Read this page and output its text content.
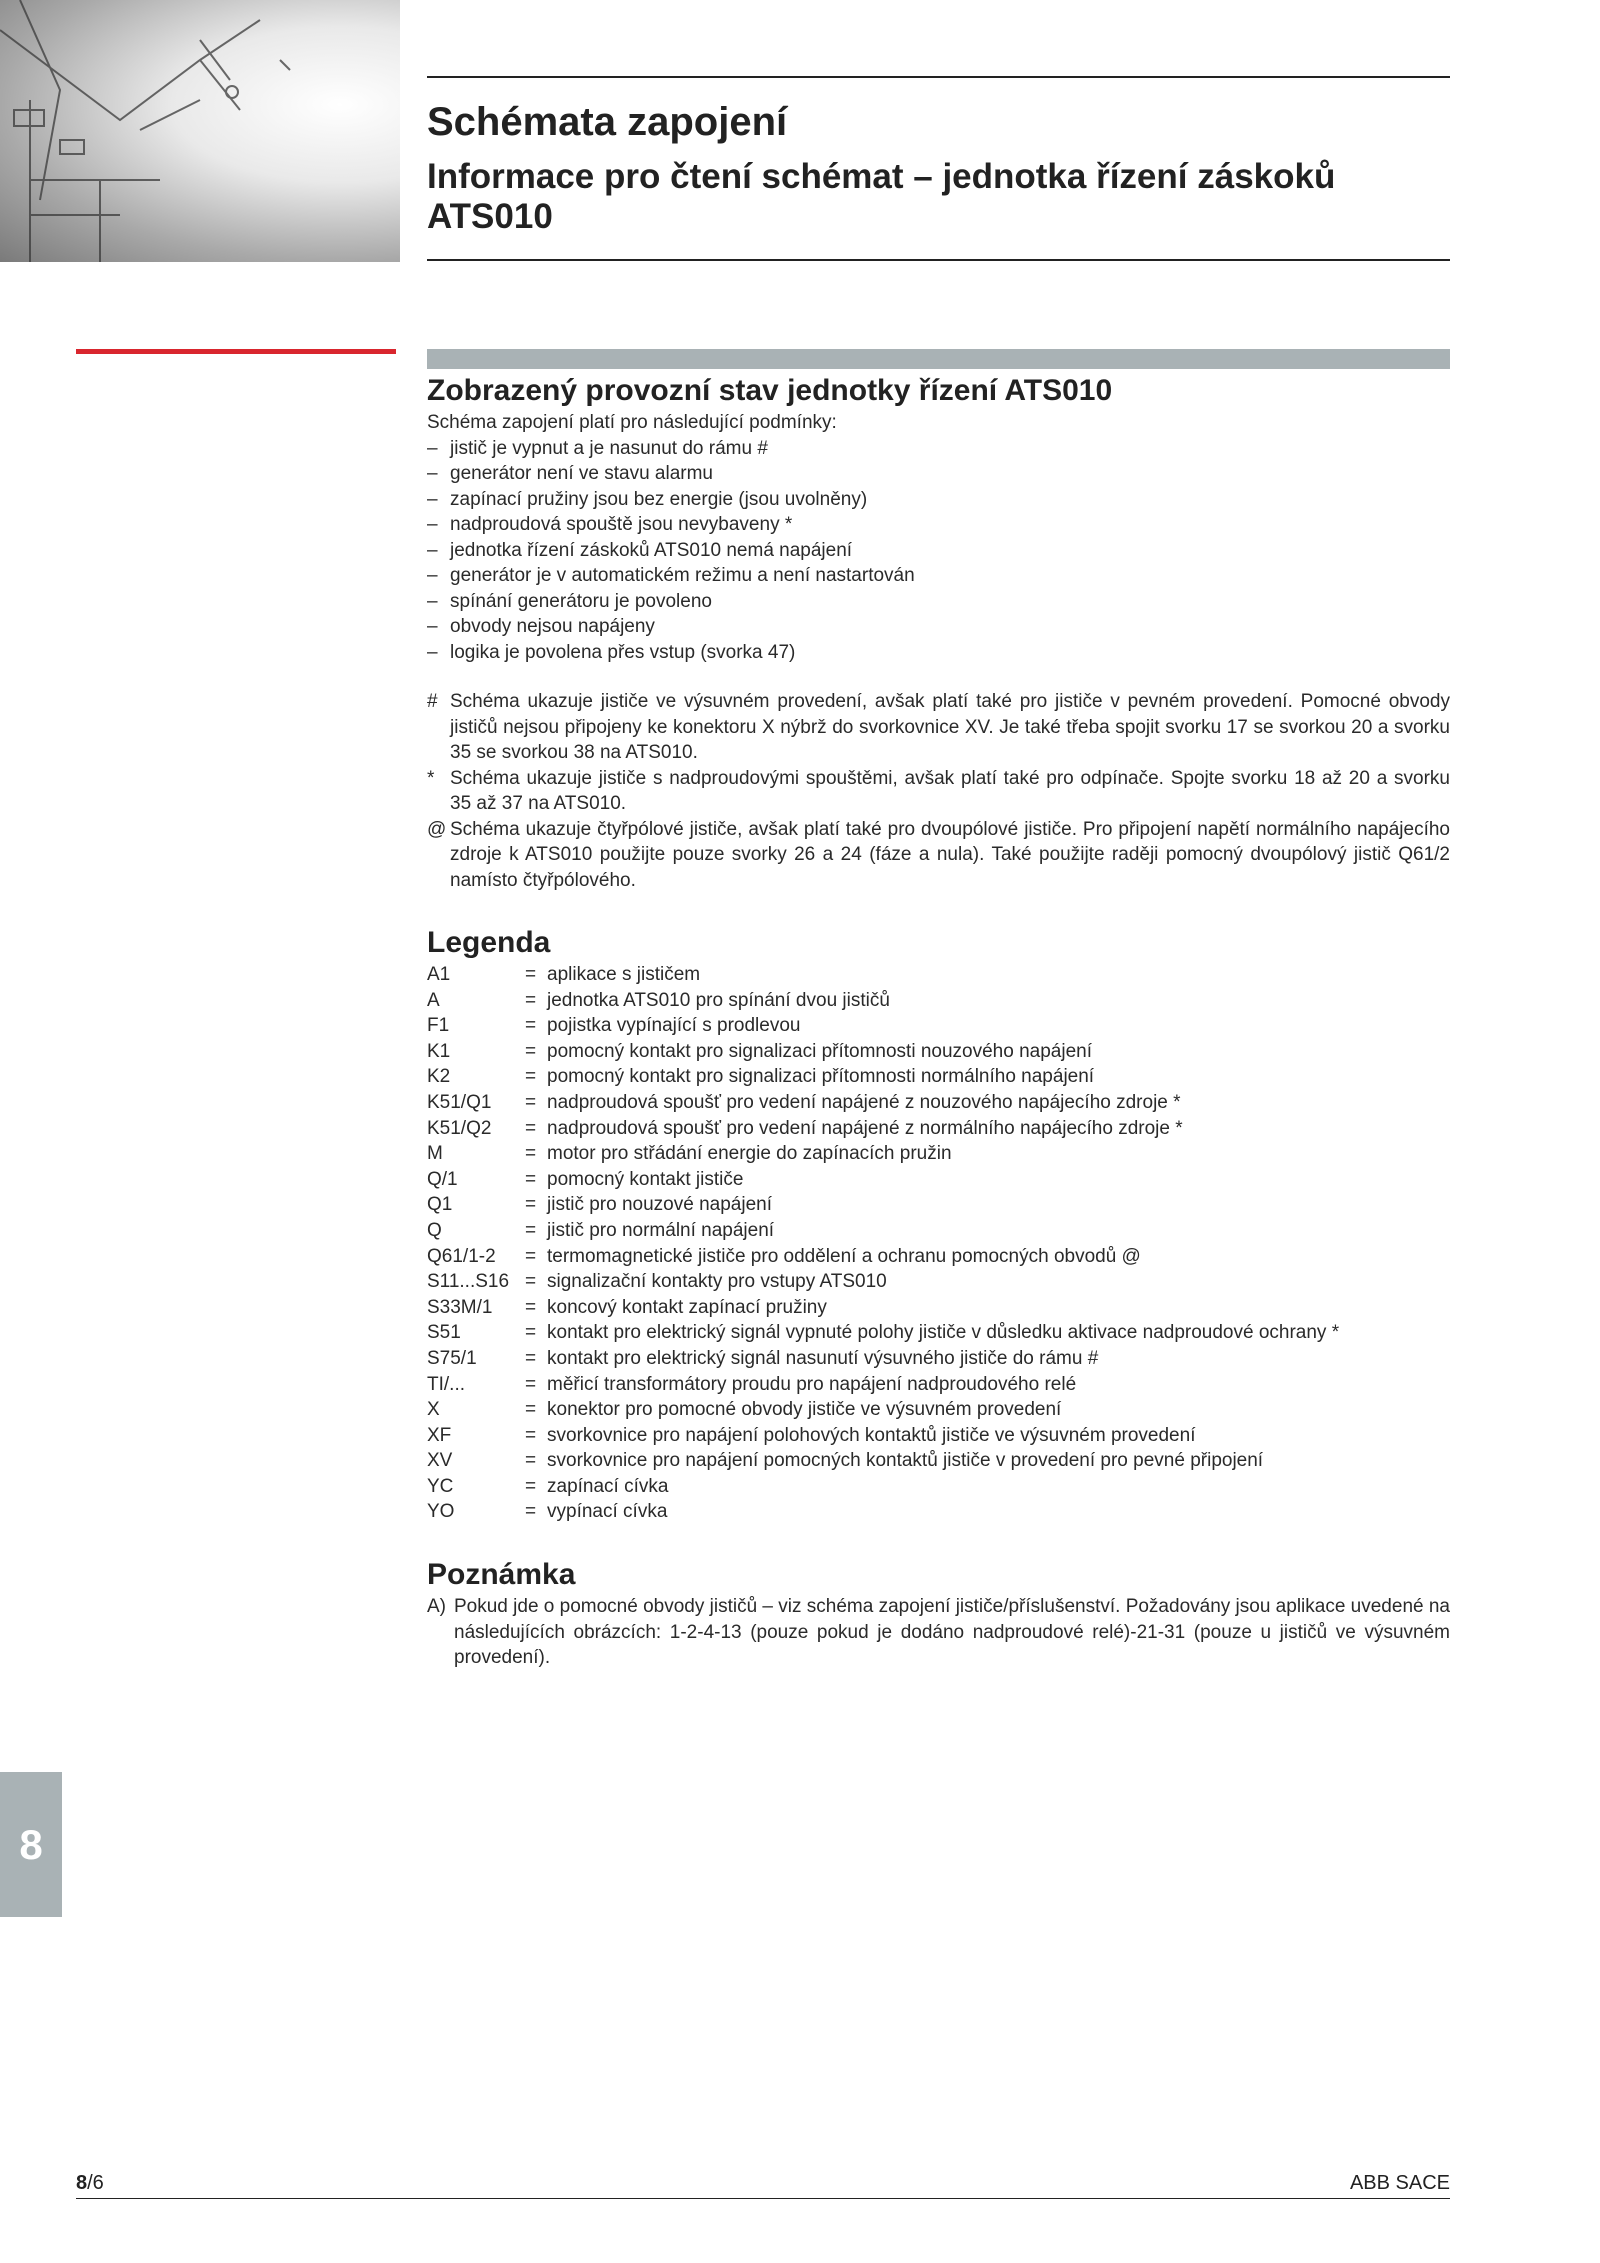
Schémata zapojení
Informace pro čtení schémat – jednotka řízení záskoků ATS010
Zobrazený provozní stav jednotky řízení ATS010

Schéma zapojení platí pro následující podmínky:

– jistič je vypnut a je nasunut do rámu #
– generátor není ve stavu alarmu
– zapínací pružiny jsou bez energie (jsou uvolněny)
– nadproudová spouště jsou nevybaveny *
– jednotka řízení záskoků ATS010 nemá napájení
– generátor je v automatickém režimu a není nastartován
– spínání generátoru je povoleno
– obvody nejsou napájeny
– logika je povolena přes vstup (svorka 47)
# Schéma ukazuje jističe ve výsuvném provedení, avšak platí také pro jističe v pevném provedení. Pomocné obvody jističů nejsou připojeny ke konektoru X nýbrž do svorkovnice XV. Je také třeba spojit svorku 17 se svorkou 20 a svorku 35 se svorkou 38 na ATS010.
* Schéma ukazuje jističe s nadproudovými spouštěmi, avšak platí také pro odpínače. Spojte svorku 18 až 20 a svorku 35 až 37 na ATS010.
@ Schéma ukazuje čtyřpólové jističe, avšak platí také pro dvoupólové jističe. Pro připojení napětí normálního napájecího zdroje k ATS010 použijte pouze svorky 26 a 24 (fáze a nula). Také použijte raději pomocný dvoupólový jistič Q61/2 namísto čtyřpólového.
Legenda
A1	= aplikace s jističem
A	= jednotka ATS010 pro spínání dvou jističů
F1	= pojistka vypínající s prodlevou
K1	= pomocný kontakt pro signalizaci přítomnosti nouzového napájení
K2	= pomocný kontakt pro signalizaci přítomnosti normálního napájení
K51/Q1	= nadproudová spoušť pro vedení napájené z nouzového napájecího zdroje *
K51/Q2	= nadproudová spoušť pro vedení napájené z normálního napájecího zdroje *
M	= motor pro střádání energie do zapínacích pružin
Q/1	= pomocný kontakt jističe
Q1	= jistič pro nouzové napájení
Q	= jistič pro normální napájení
Q61/1-2	= termomagnetické jističe pro oddělení a ochranu pomocných obvodů @
S11...S16 = signalizační kontakty pro vstupy ATS010
S33M/1	= koncový kontakt zapínací pružiny
S51	= kontakt pro elektrický signál vypnuté polohy jističe v důsledku aktivace nadproudové ochrany *
S75/1	= kontakt pro elektrický signál nasunutí výsuvného jističe do rámu #
TI/...	= měřicí transformátory proudu pro napájení nadproudového relé
X	= konektor pro pomocné obvody jističe ve výsuvném provedení
XF	= svorkovnice pro napájení polohových kontaktů jističe ve výsuvném provedení
XV	= svorkovnice pro napájení pomocných kontaktů jističe v provedení pro pevné připojení
YC	= zapínací cívka
YO	= vypínací cívka
Poznámka
A) Pokud jde o pomocné obvody jističů – viz schéma zapojení jističe/příslušenství. Požadovány jsou aplikace uvedené na následujících obrázcích: 1-2-4-13 (pouze pokud je dodáno nadproudové relé)-21-31 (pouze u jističů ve výsuvném provedení).
8
8/6	ABB SACE
